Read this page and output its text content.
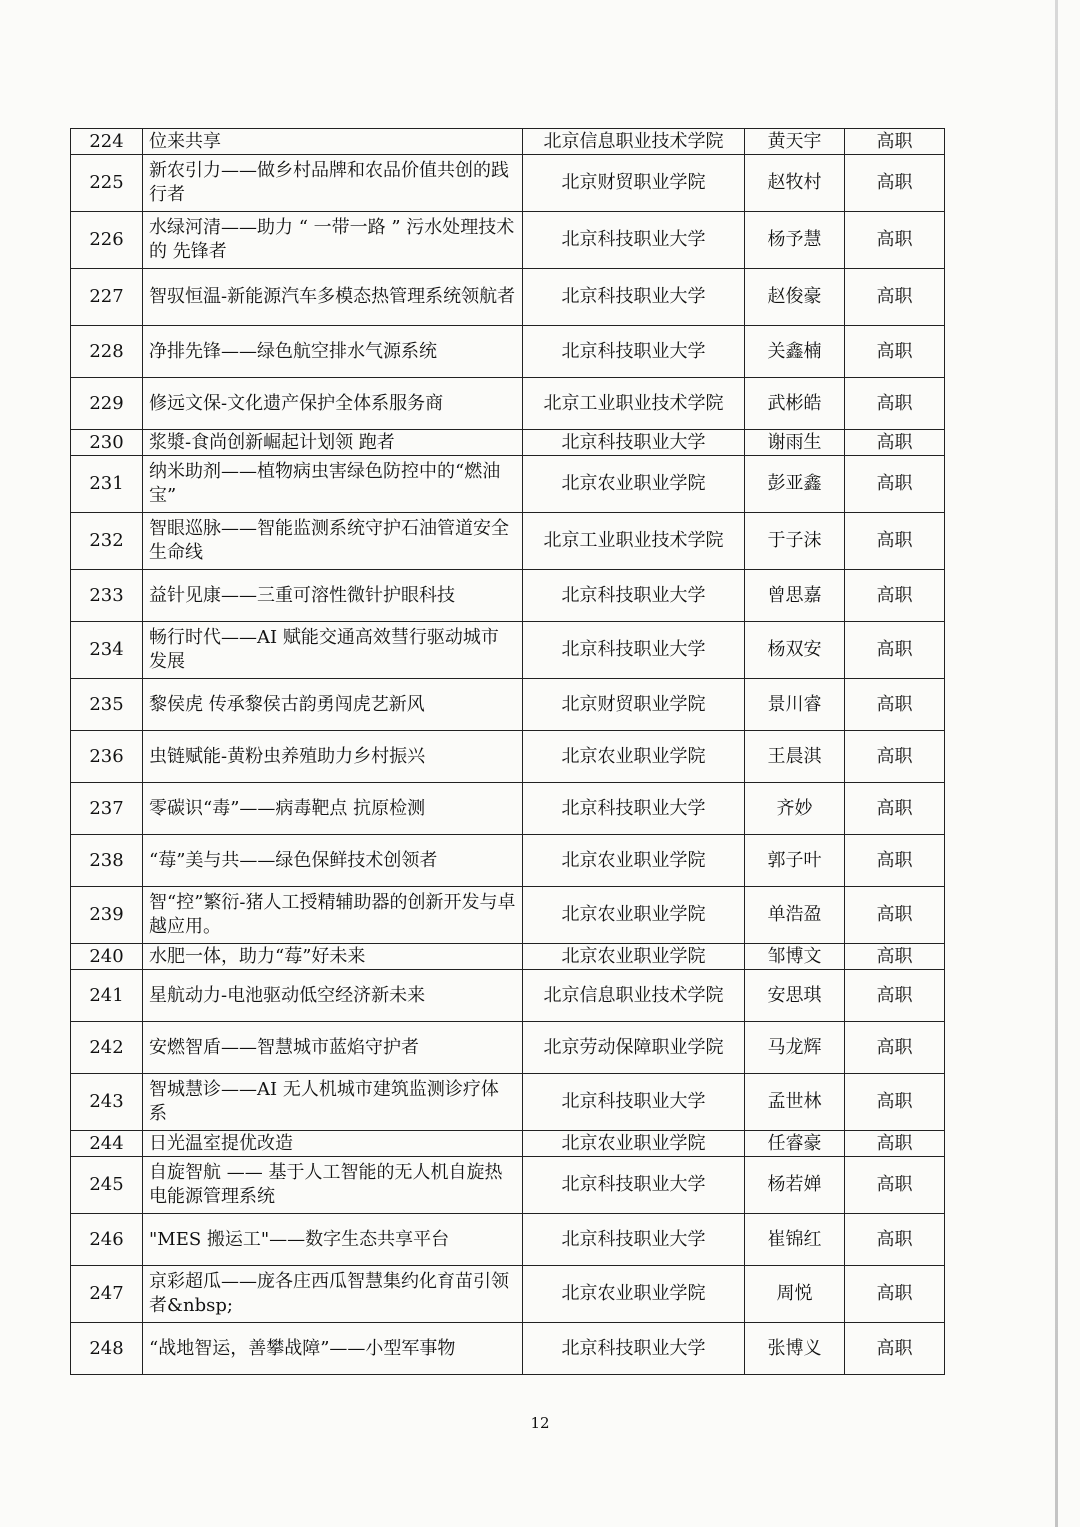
224	位来共享	北京信息职业技术学院	黄天宇	高职
225	新农引力——做乡村品牌和农品价值共创的践行者	北京财贸职业学院	赵牧村	高职
226	水绿河清——助力 “ 一带一路 ” 污水处理技术的 先锋者	北京科技职业大学	杨予慧	高职
227	智驭恒温-新能源汽车多模态热管理系统领航者	北京科技职业大学	赵俊豪	高职
228	净排先锋——绿色航空排水气源系统	北京科技职业大学	关鑫楠	高职
229	修远文保-文化遗产保护全体系服务商	北京工业职业技术学院	武彬皓	高职
230	浆漿-食尚创新崛起计划领 跑者	北京科技职业大学	谢雨生	高职
231	纳米助剂——植物病虫害绿色防控中的“燃油宝”	北京农业职业学院	彭亚鑫	高职
232	智眼巡脉——智能监测系统守护石油管道安全生命线	北京工业职业技术学院	于子沫	高职
233	益针见康——三重可溶性微针护眼科技	北京科技职业大学	曾思嘉	高职
234	畅行时代——AI 赋能交通高效彗行驱动城市发展	北京科技职业大学	杨双安	高职
235	黎侯虎 传承黎侯古韵勇闯虎艺新风	北京财贸职业学院	景川睿	高职
236	虫链赋能-黄粉虫养殖助力乡村振兴	北京农业职业学院	王晨淇	高职
237	零碳识“毒”——病毒靶点 抗原检测	北京科技职业大学	齐妙	高职
238	“莓”美与共——绿色保鲜技术创领者	北京农业职业学院	郭子叶	高职
239	智“控”繁衍-猪人工授精辅助器的创新开发与卓越应用。	北京农业职业学院	单浩盈	高职
240	水肥一体，助力“莓”好未来	北京农业职业学院	邹博文	高职
241	星航动力-电池驱动低空经济新未来	北京信息职业技术学院	安思琪	高职
242	安燃智盾——智慧城市蓝焰守护者	北京劳动保障职业学院	马龙辉	高职
243	智城慧诊——AI 无人机城市建筑监测诊疗体系	北京科技职业大学	孟世林	高职
244	日光温室提优改造	北京农业职业学院	任睿豪	高职
245	自旋智航 —— 基于人工智能的无人机自旋热电能源管理系统	北京科技职业大学	杨若婵	高职
246	"MES 搬运工"——数字生态共享平台	北京科技职业大学	崔锦红	高职
247	京彩超瓜——庞各庄西瓜智慧集约化育苗引领者&nbsp;	北京农业职业学院	周悦	高职
248	“战地智运，善攀战障”——小型军事物	北京科技职业大学	张博义	高职
12
